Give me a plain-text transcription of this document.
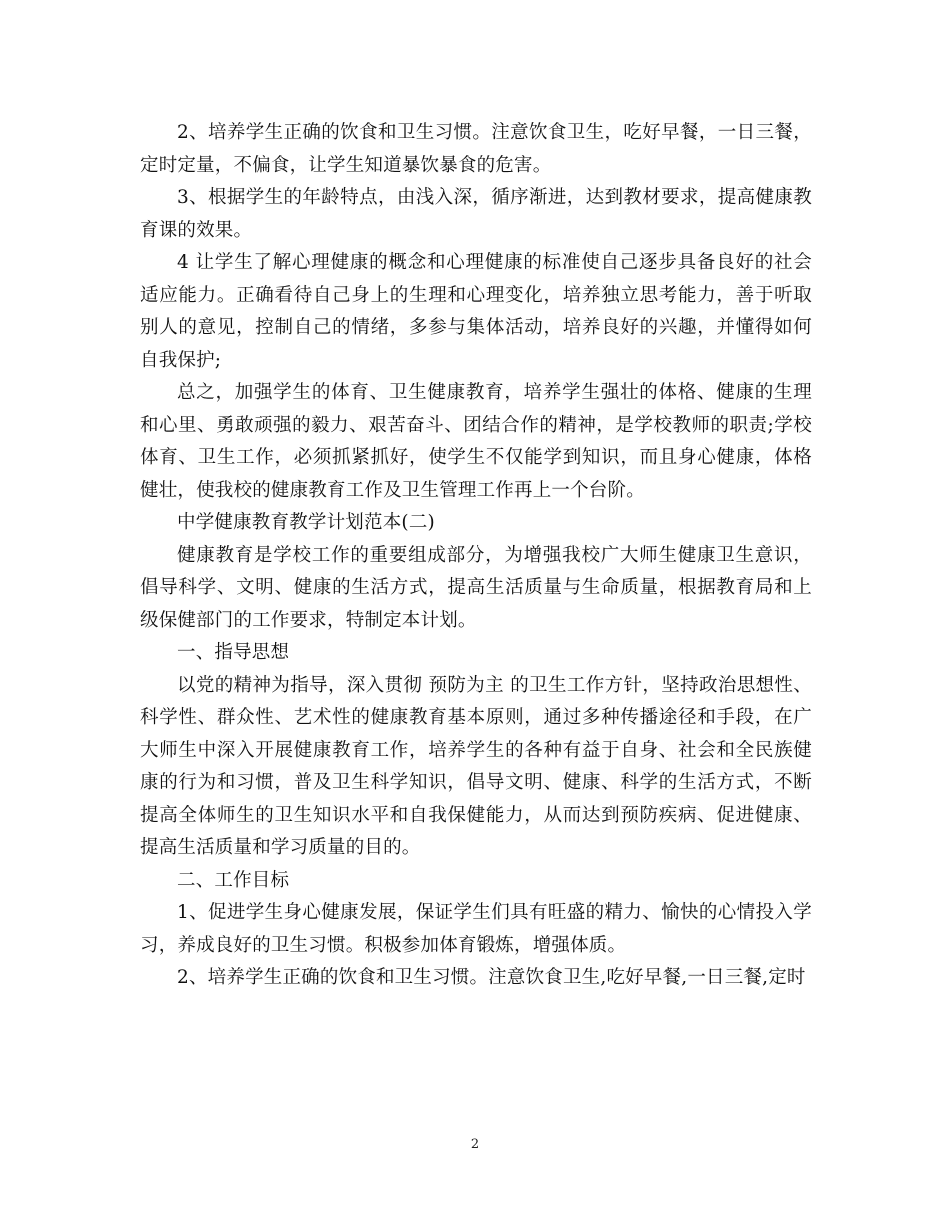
2、培养学生正确的饮食和卫生习惯。注意饮食卫生，吃好早餐，一日三餐，定时定量，不偏食，让学生知道暴饮暴食的危害。

3、根据学生的年龄特点，由浅入深，循序渐进，达到教材要求，提高健康教育课的效果。

4 让学生了解心理健康的概念和心理健康的标准使自己逐步具备良好的社会适应能力。正确看待自己身上的生理和心理变化，培养独立思考能力，善于听取别人的意见，控制自己的情绪，多参与集体活动，培养良好的兴趣，并懂得如何自我保护;

总之，加强学生的体育、卫生健康教育，培养学生强壮的体格、健康的生理和心里、勇敢顽强的毅力、艰苦奋斗、团结合作的精神，是学校教师的职责;学校体育、卫生工作，必须抓紧抓好，使学生不仅能学到知识，而且身心健康，体格健壮，使我校的健康教育工作及卫生管理工作再上一个台阶。

中学健康教育教学计划范本(二)

健康教育是学校工作的重要组成部分，为增强我校广大师生健康卫生意识，倡导科学、文明、健康的生活方式，提高生活质量与生命质量，根据教育局和上级保健部门的工作要求，特制定本计划。

一、指导思想

以党的精神为指导，深入贯彻 预防为主 的卫生工作方针，坚持政治思想性、科学性、群众性、艺术性的健康教育基本原则，通过多种传播途径和手段，在广大师生中深入开展健康教育工作，培养学生的各种有益于自身、社会和全民族健康的行为和习惯，普及卫生科学知识，倡导文明、健康、科学的生活方式，不断提高全体师生的卫生知识水平和自我保健能力，从而达到预防疾病、促进健康、提高生活质量和学习质量的目的。

二、工作目标

1、促进学生身心健康发展，保证学生们具有旺盛的精力、愉快的心情投入学习，养成良好的卫生习惯。积极参加体育锻炼，增强体质。

2、培养学生正确的饮食和卫生习惯。注意饮食卫生,吃好早餐,一日三餐,定时

2
